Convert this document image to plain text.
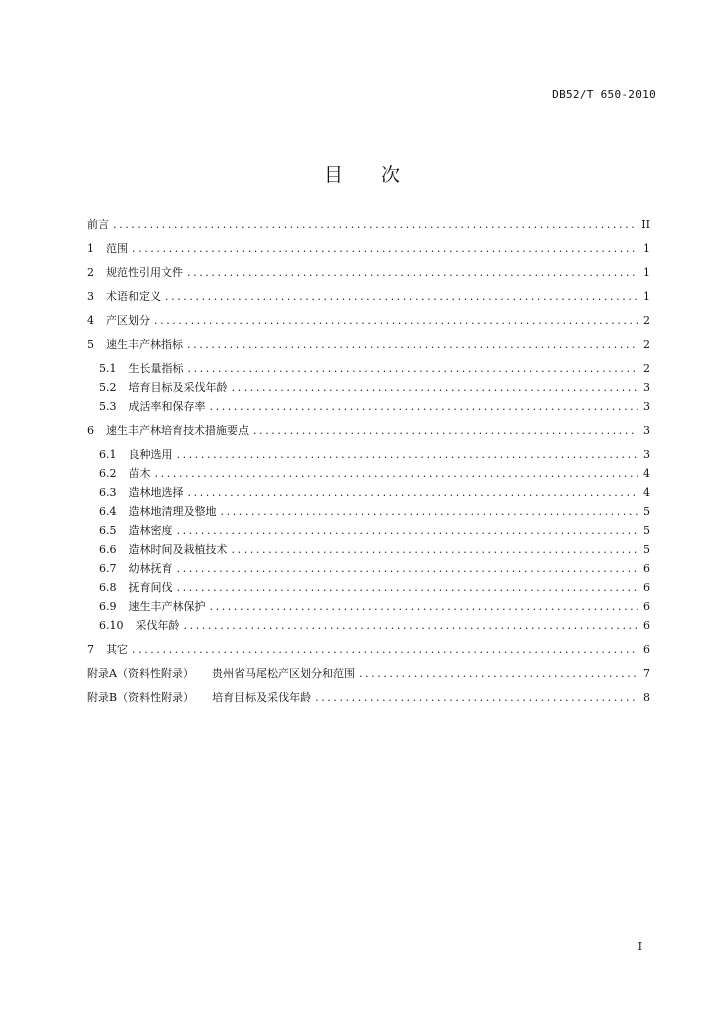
DB52/T 650-2010
目 次
前言 .....	II
1 范围 .....	1
2 规范性引用文件 .....	1
3 术语和定义 .....	1
4 产区划分 .....	2
5 速生丰产林指标 .....	2
5.1 生长量指标 .....	2
5.2 培育目标及采伐年龄 .....	3
5.3 成活率和保存率 .....	3
6 速生丰产林培育技术措施要点 .....	3
6.1 良种选用 .....	3
6.2 苗木 .....	4
6.3 造林地选择 .....	4
6.4 造林地清理及整地 .....	5
6.5 造林密度 .....	5
6.6 造林时间及栽植技术 .....	5
6.7 幼林抚育 .....	6
6.8 抚育间伐 .....	6
6.9 速生丰产林保护 .....	6
6.10 采伐年龄 .....	6
7 其它 .....	6
附录A（资料性附录） 贵州省马尾松产区划分和范围 .....	7
附录B（资料性附录） 培育目标及采伐年龄 .....	8
I
